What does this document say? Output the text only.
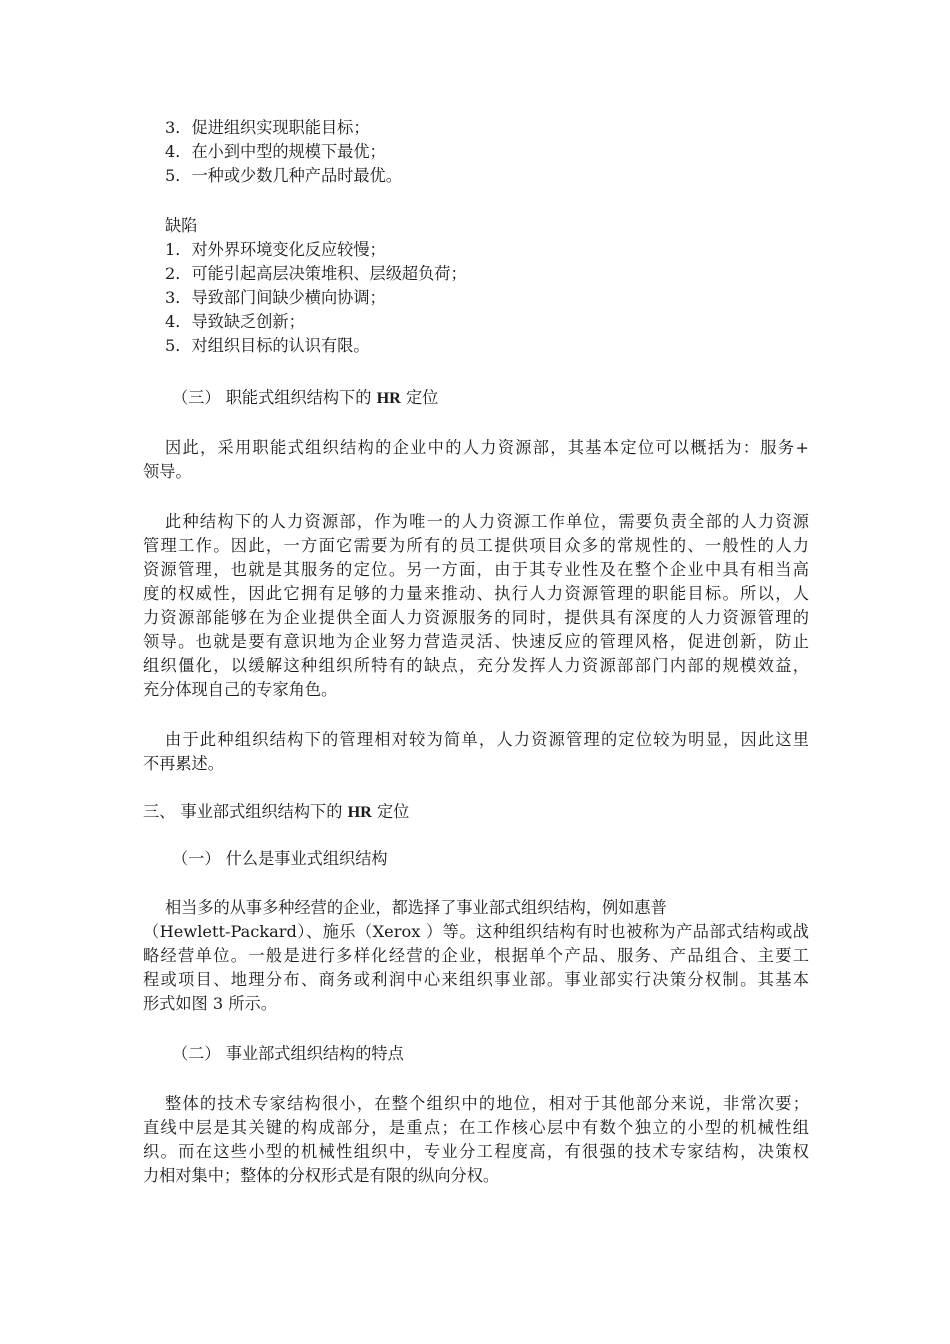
3．促进组织实现职能目标；
4．在小到中型的规模下最优；
5．一种或少数几种产品时最优。
缺陷
1．对外界环境变化反应较慢；
2．可能引起高层决策堆积、层级超负荷；
3．导致部门间缺少横向协调；
4．导致缺乏创新；
5．对组织目标的认识有限。
（三） 职能式组织结构下的 HR 定位
因此，采用职能式组织结构的企业中的人力资源部，其基本定位可以概括为：服务+
领导。
此种结构下的人力资源部，作为唯一的人力资源工作单位，需要负责全部的人力资源
管理工作。因此，一方面它需要为所有的员工提供项目众多的常规性的、一般性的人力
资源管理，也就是其服务的定位。另一方面，由于其专业性及在整个企业中具有相当高
度的权威性，因此它拥有足够的力量来推动、执行人力资源管理的职能目标。所以，人
力资源部能够在为企业提供全面人力资源服务的同时，提供具有深度的人力资源管理的
领导。也就是要有意识地为企业努力营造灵活、快速反应的管理风格，促进创新，防止
组织僵化，以缓解这种组织所特有的缺点，充分发挥人力资源部部门内部的规模效益，
充分体现自己的专家角色。
由于此种组织结构下的管理相对较为简单，人力资源管理的定位较为明显，因此这里
不再累述。
三、 事业部式组织结构下的 HR 定位
（一） 什么是事业式组织结构
相当多的从事多种经营的企业，都选择了事业部式组织结构，例如惠普
（Hewlett-Packard）、施乐（Xerox ）等。这种组织结构有时也被称为产品部式结构或战
略经营单位。一般是进行多样化经营的企业，根据单个产品、服务、产品组合、主要工
程或项目、地理分布、商务或利润中心来组织事业部。事业部实行决策分权制。其基本
形式如图 3 所示。
（二） 事业部式组织结构的特点
整体的技术专家结构很小，在整个组织中的地位，相对于其他部分来说，非常次要；
直线中层是其关键的构成部分，是重点；在工作核心层中有数个独立的小型的机械性组
织。而在这些小型的机械性组织中，专业分工程度高，有很强的技术专家结构，决策权
力相对集中；整体的分权形式是有限的纵向分权。
